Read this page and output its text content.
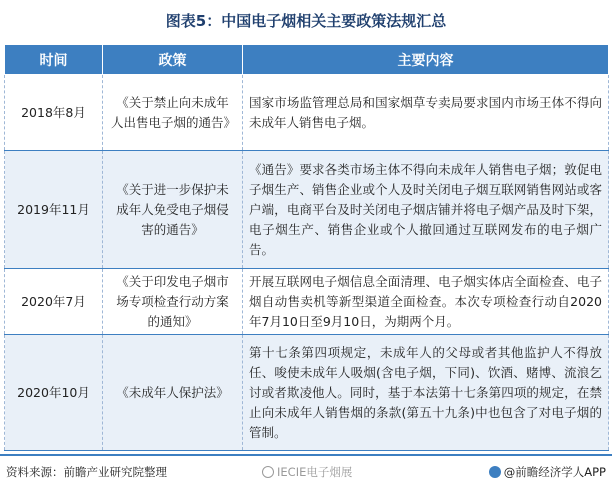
图表5：中国电子烟相关主要政策法规汇总
时间	政策	主要内容
2018年8月	《关于禁止向未成年人出售电子烟的通告》	国家市场监管理总局和国家烟草专卖局要求国内市场王体不得向未成年人销售电子烟。
2019年11月	《关于进一步保护未成年人免受电子烟侵害的通告》	《通告》要求各类市场主体不得向未成年人销售电子烟；敦促电子烟生产、销售企业或个人及时关闭电子烟互联网销售网站或客户端，电商平台及时关闭电子烟店铺并将电子烟产品及时下架，电子烟生产、销售企业或个人撤回通过互联网发布的电子烟广告。
2020年7月	《关于印发电子烟市场专项检查行动方案的通知》	开展互联网电子烟信息全面清理、电子烟实体店全面检查、电子烟自动售卖机等新型渠道全面检查。本次专项检查行动自2020年7月10日至9月10日，为期两个月。
2020年10月	《未成年人保护法》	第十七条第四项规定，未成年人的父母或者其他监护人不得放任、唆使未成年人吸烟(含电子烟，下同)、饮酒、赌博、流浪乞讨或者欺凌他人。同时，基于本法第十七条第四项的规定，在禁止向未成年人销售烟的条款(第五十九条)中也包含了对电子烟的管制。
资料来源：前瞻产业研究院整理	IECIE电子烟展	@前瞻经济学人APP
